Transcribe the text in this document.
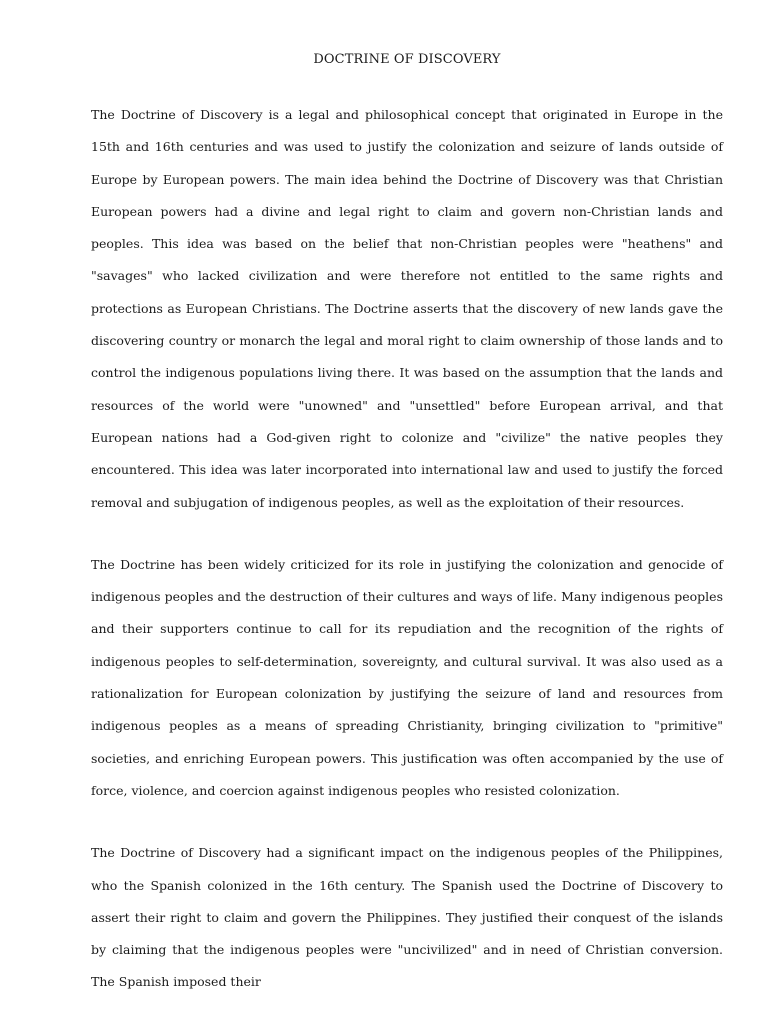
DOCTRINE OF DISCOVERY

The Doctrine of Discovery is a legal and philosophical concept that originated in Europe in the 15th and 16th centuries and was used to justify the colonization and seizure of lands outside of Europe by European powers. The main idea behind the Doctrine of Discovery was that Christian European powers had a divine and legal right to claim and govern non-Christian lands and peoples. This idea was based on the belief that non-Christian peoples were "heathens" and "savages" who lacked civilization and were therefore not entitled to the same rights and protections as European Christians. The Doctrine asserts that the discovery of new lands gave the discovering country or monarch the legal and moral right to claim ownership of those lands and to control the indigenous populations living there. It was based on the assumption that the lands and resources of the world were "unowned" and "unsettled" before European arrival, and that European nations had a God-given right to colonize and "civilize" the native peoples they encountered. This idea was later incorporated into international law and used to justify the forced removal and subjugation of indigenous peoples, as well as the exploitation of their resources.

The Doctrine has been widely criticized for its role in justifying the colonization and genocide of indigenous peoples and the destruction of their cultures and ways of life. Many indigenous peoples and their supporters continue to call for its repudiation and the recognition of the rights of indigenous peoples to self-determination, sovereignty, and cultural survival. It was also used as a rationalization for European colonization by justifying the seizure of land and resources from indigenous peoples as a means of spreading Christianity, bringing civilization to "primitive" societies, and enriching European powers. This justification was often accompanied by the use of force, violence, and coercion against indigenous peoples who resisted colonization.

The Doctrine of Discovery had a significant impact on the indigenous peoples of the Philippines, who the Spanish colonized in the 16th century. The Spanish used the Doctrine of Discovery to assert their right to claim and govern the Philippines. They justified their conquest of the islands by claiming that the indigenous peoples were "uncivilized" and in need of Christian conversion. The Spanish imposed their
